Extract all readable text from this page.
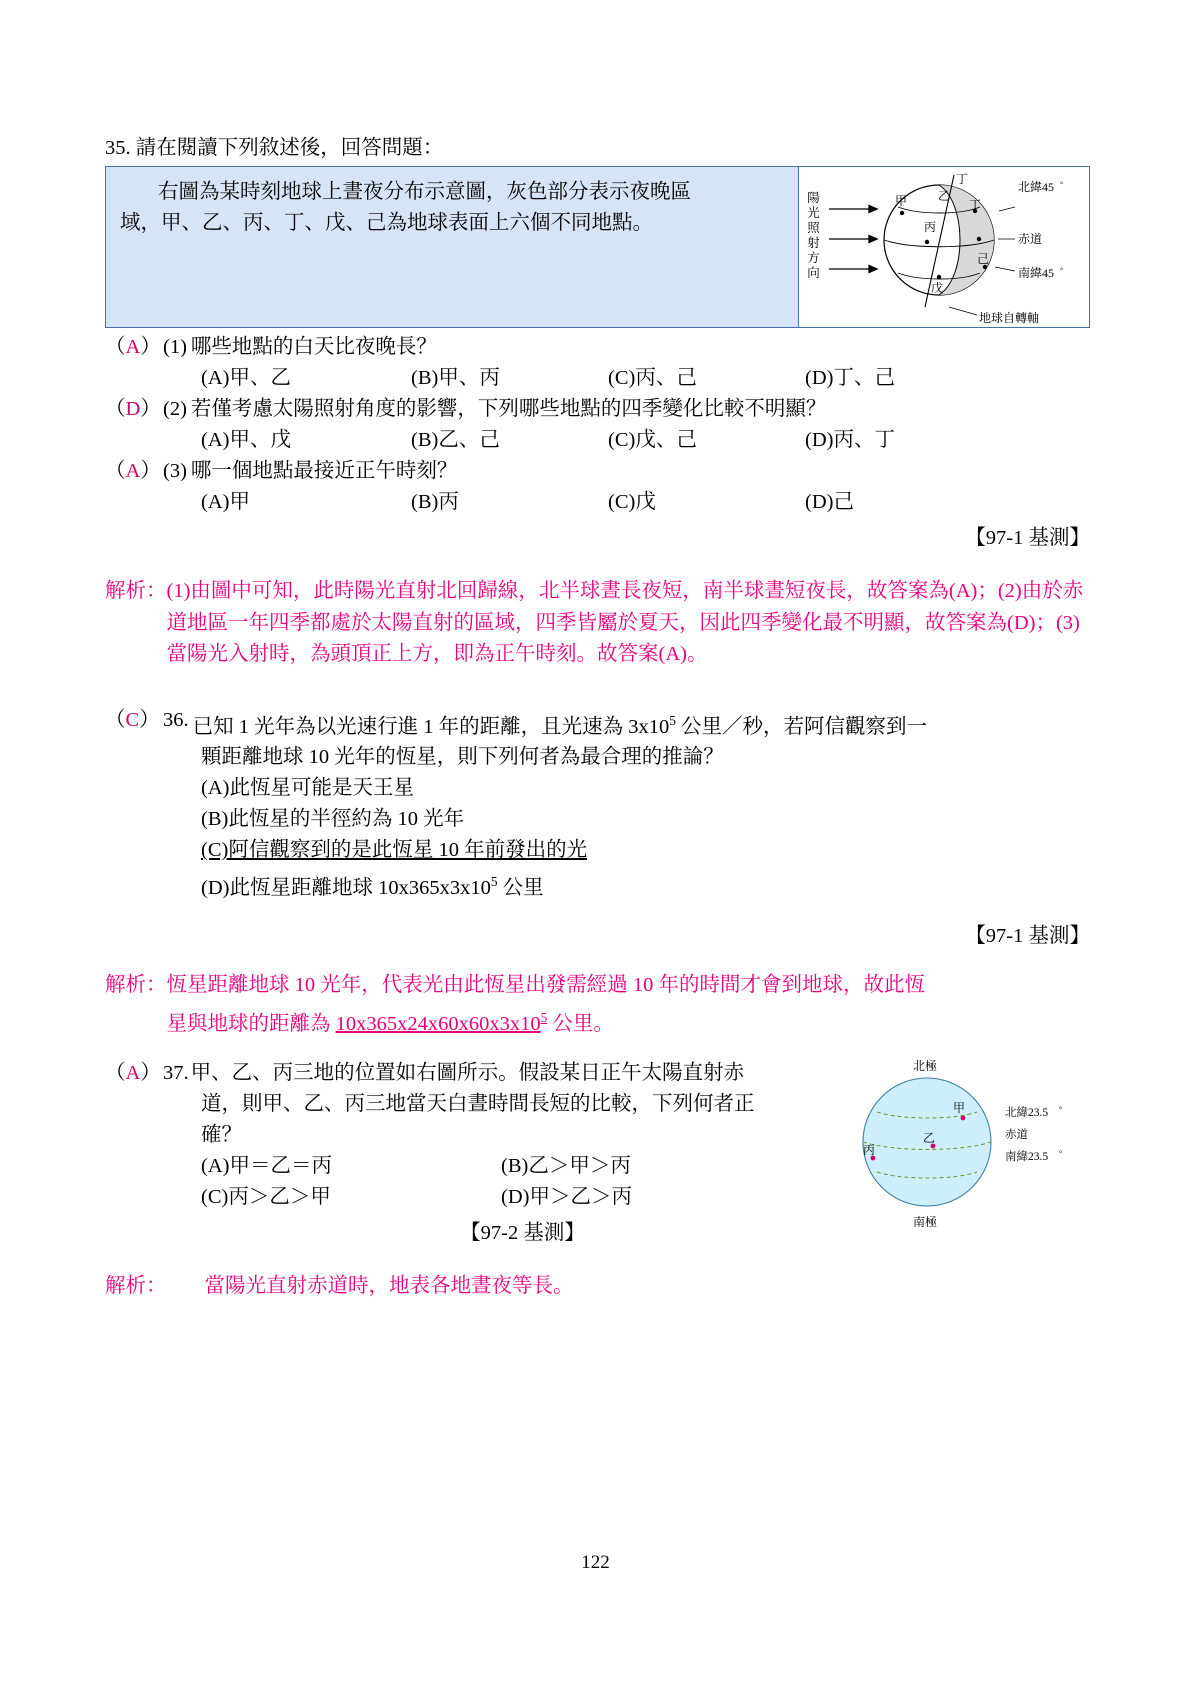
35. 請在閱讀下列敘述後，回答問題：
右圖為某時刻地球上晝夜分布示意圖，灰色部分表示夜晚區域，甲、乙、丙、丁、戊、己為地球表面上六個不同地點。
陽光照射方向
丁
乙
甲
丙
戊
丁
己
北緯45 °
赤道
南緯45 °
地球自轉軸
（A） (1) 哪些地點的白天比夜晚長？
(A)甲、乙	(B)甲、丙	(C)丙、己	(D)丁、己
（D） (2) 若僅考慮太陽照射角度的影響，下列哪些地點的四季變化比較不明顯？
(A)甲、戊	(B)乙、己	(C)戊、己	(D)丙、丁
（A） (3) 哪一個地點最接近正午時刻？
(A)甲	(B)丙	(C)戊	(D)己
【97-1 基測】
解析： (1)由圖中可知，此時陽光直射北回歸線，北半球晝長夜短，南半球晝短夜長，故答案為(A)；(2)由於赤道地區一年四季都處於太陽直射的區域，四季皆屬於夏天，因此四季變化最不明顯，故答案為(D)；(3)當陽光入射時，為頭頂正上方，即為正午時刻。故答案(A)。
（C） 36. 已知 1 光年為以光速行進 1 年的距離，且光速為 $3x10^5$ 公里／秒，若阿信觀察到一
顆距離地球 10 光年的恆星，則下列何者為最合理的推論？
(A)此恆星可能是天王星
(B)此恆星的半徑約為 10 光年
(C)阿信觀察到的是此恆星 10 年前發出的光
(D)此恆星距離地球 $10x365x3x10^5$ 公里
【97-1 基測】
解析： 恆星距離地球 10 光年，代表光由此恆星出發需經過 10 年的時間才會到地球，故此恆
星與地球的距離為 $10x365x24x60x60x3x10^5$ 公里。
（A） 37. 甲、乙、丙三地的位置如右圖所示。假設某日正午太陽直射赤
道，則甲、乙、丙三地當天白晝時間長短的比較，下列何者正
確？
(A)甲＝乙＝丙	(B)乙＞甲＞丙
(C)丙＞乙＞甲	(D)甲＞乙＞丙
【97-2 基測】
北極
甲
乙
丙
南極
北緯23.5 °
赤道
南緯23.5 °
解析：	當陽光直射赤道時，地表各地晝夜等長。
122
